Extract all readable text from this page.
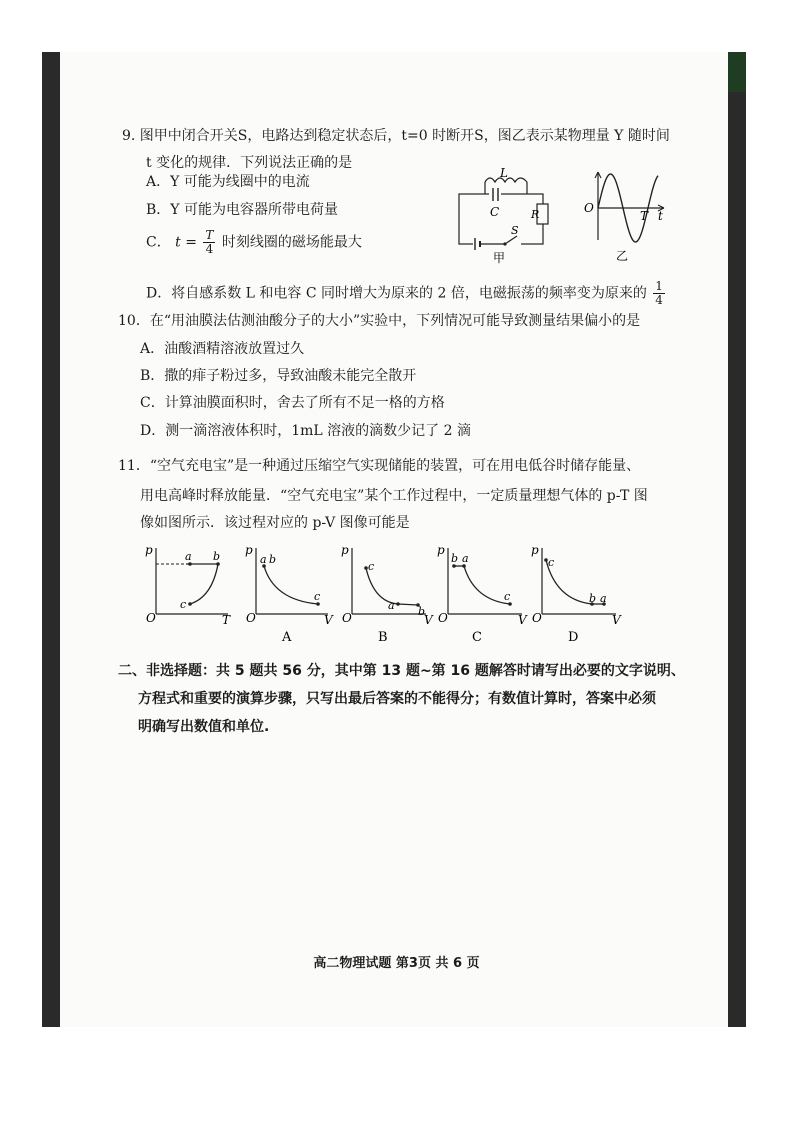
9. 图甲中闭合开关S，电路达到稳定状态后，t=0 时断开S，图乙表示某物理量 Y 随时间
t 变化的规律．下列说法正确的是
A．Y 可能为线圈中的电流
B．Y 可能为电容器所带电荷量
C． $t = \frac{T}{4}$ 时刻线圈的磁场能最大
D．将自感系数 L 和电容 C 同时增大为原来的 2 倍，电磁振荡的频率变为原来的 $\frac{1}{4}$
L
C	R
S
甲
O
T t
乙
10．在“用油膜法估测油酸分子的大小”实验中，下列情况可能导致测量结果偏小的是
A．油酸酒精溶液放置过久
B．撒的痱子粉过多，导致油酸未能完全散开
C．计算油膜面积时，舍去了所有不足一格的方格
D．测一滴溶液体积时，1mL 溶液的滴数少记了 2 滴
11．“空气充电宝”是一种通过压缩空气实现储能的装置，可在用电低谷时储存能量、
用电高峰时释放能量．“空气充电宝”某个工作过程中，一定质量理想气体的 p-T 图
像如图所示．该过程对应的 p-V 图像可能是
p
T
O
a b
c
p
V
O
a b
c
A
p
V
O
a b
c
B
p
V
O
a
b
c
C
p
V
O
a
b
c
D
二、非选择题：共 5 题共 56 分，其中第 13 题~第 16 题解答时请写出必要的文字说明、
方程式和重要的演算步骤，只写出最后答案的不能得分；有数值计算时，答案中必须
明确写出数值和单位.
高二物理试题 第3页 共 6 页
